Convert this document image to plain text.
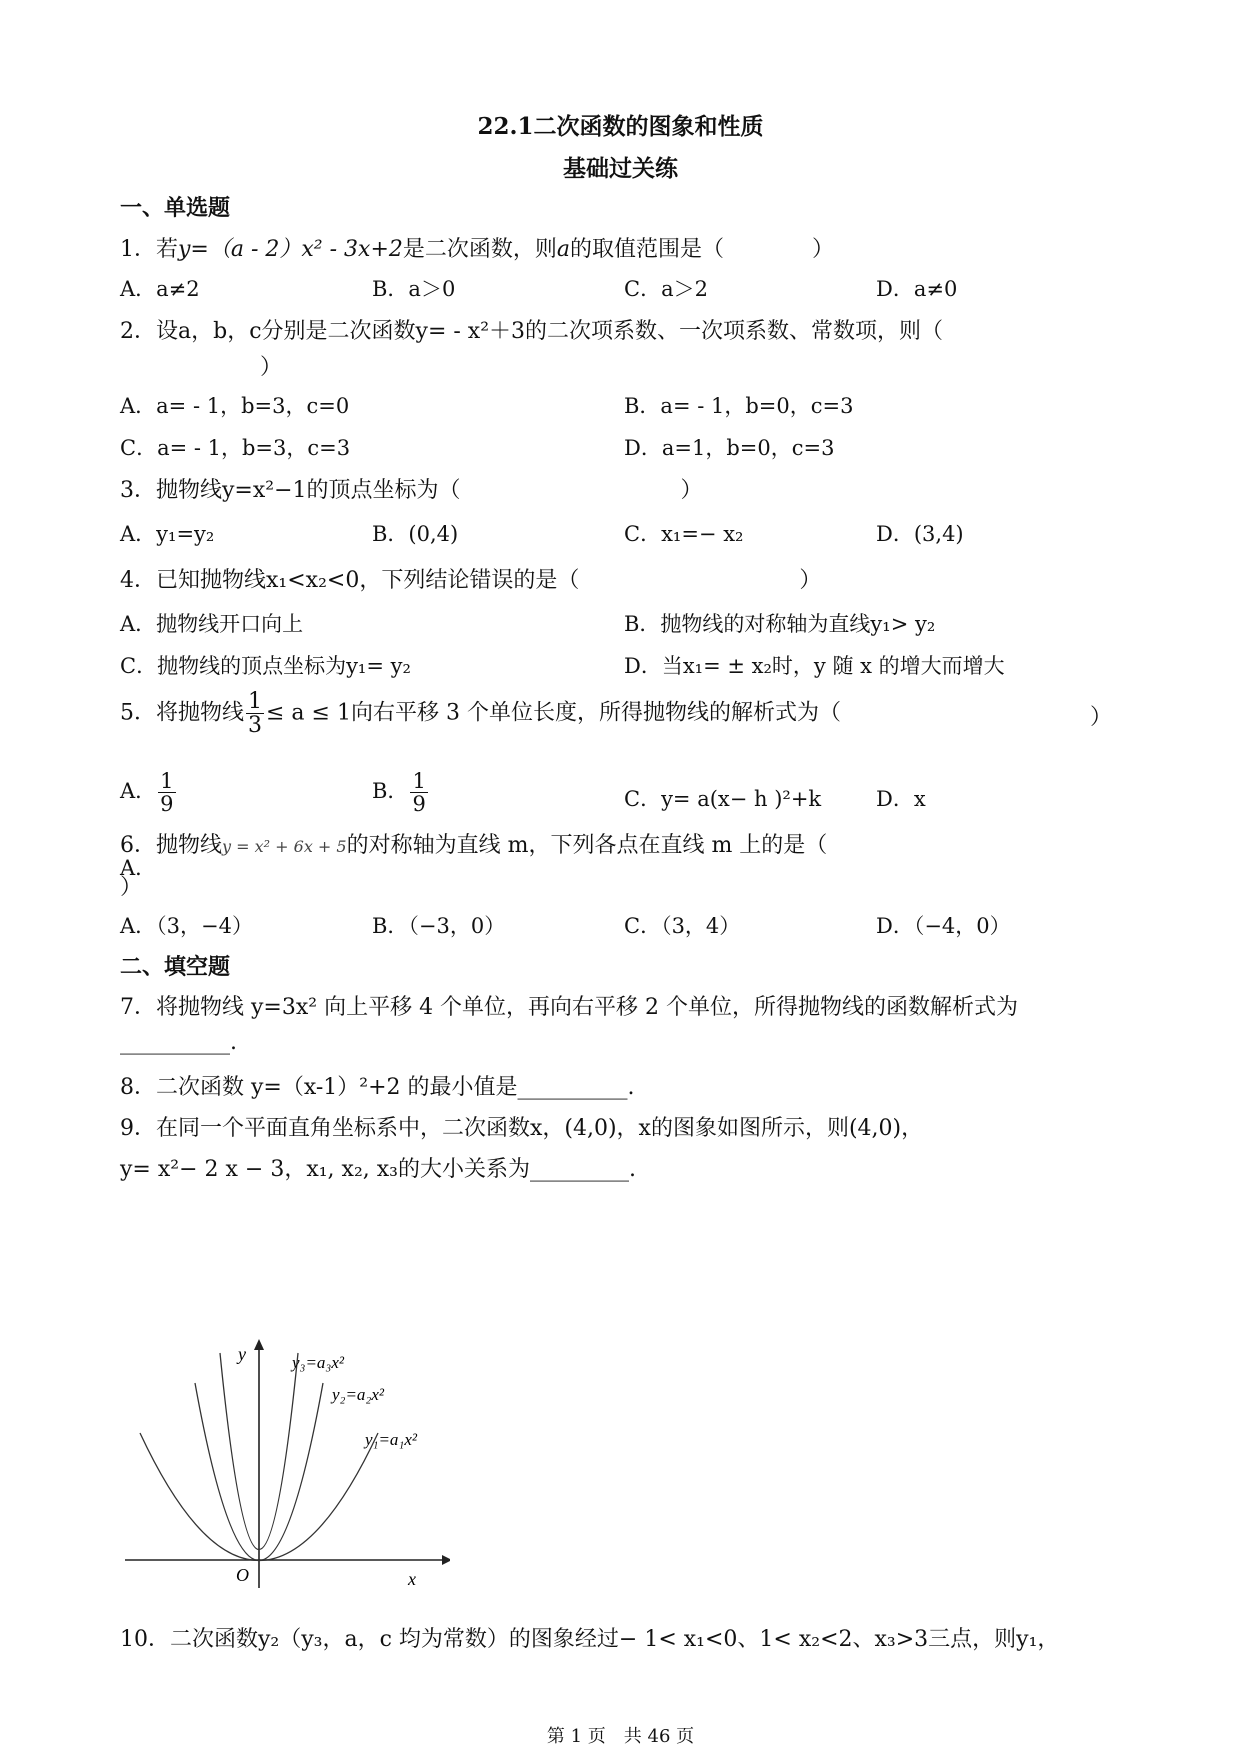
22.1二次函数的图象和性质
基础过关练
一、单选题
1．若y=（a - 2）x² - 3x+2是二次函数，则a的取值范围是（　　　　）
A．a≠2	B．a＞0	C．a＞2	D．a≠0
2．设a，b，c分别是二次函数y= - x²＋3的二次项系数、一次项系数、常数项，则（
）
A．a= - 1，b=3，c=0	B．a= - 1，b=0，c=3
C．a= - 1，b=3，c=3	D．a=1，b=0，c=3
3．抛物线y=x²−1的顶点坐标为（　　　　　　　　　　）
A．y₁=y₂	B．(0,4)	C．x₁=− x₂	D．(3,4)
4．已知抛物线x₁<x₂<0，下列结论错误的是（　　　　　　　　　　）
A．抛物线开口向上	B．抛物线的对称轴为直线y₁> y₂
C．抛物线的顶点坐标为y₁= y₂	D．当x₁= ± x₂时，y 随 x 的增大而增大
5．将抛物线 $\frac{1}{3} \le a \le 1$向右平移 3 个单位长度，所得抛物线的解析式为（	）
A．
A． $\frac{1}{9}$	B． $\frac{1}{9}$	C．y= a(x− h )²+k	D．x
6．抛物线y = x² + 6x + 5的对称轴为直线 m，下列各点在直线 m 上的是（
）
A．（3，−4）	B．（−3，0）	C．（3，4）	D．（−4，0）
二、填空题
7．将抛物线 y=3x² 向上平移 4 个单位，再向右平移 2 个单位，所得抛物线的函数解析式为
__________.
8．二次函数 y=（x-1）²+2 的最小值是__________.
9．在同一个平面直角坐标系中，二次函数x，(4,0)，x的图象如图所示，则(4,0)，
y= x²− 2 x − 3，x₁, x₂, x₃的大小关系为_________.
y
x
O
y₃=a₃x²
y₂=a₂x²
y₁=a₁x²
10．二次函数y₂（y₃，a，c 均为常数）的图象经过− 1< x₁<0、1< x₂<2、x₃>3三点，则y₁，
第 1 页　共 46 页
